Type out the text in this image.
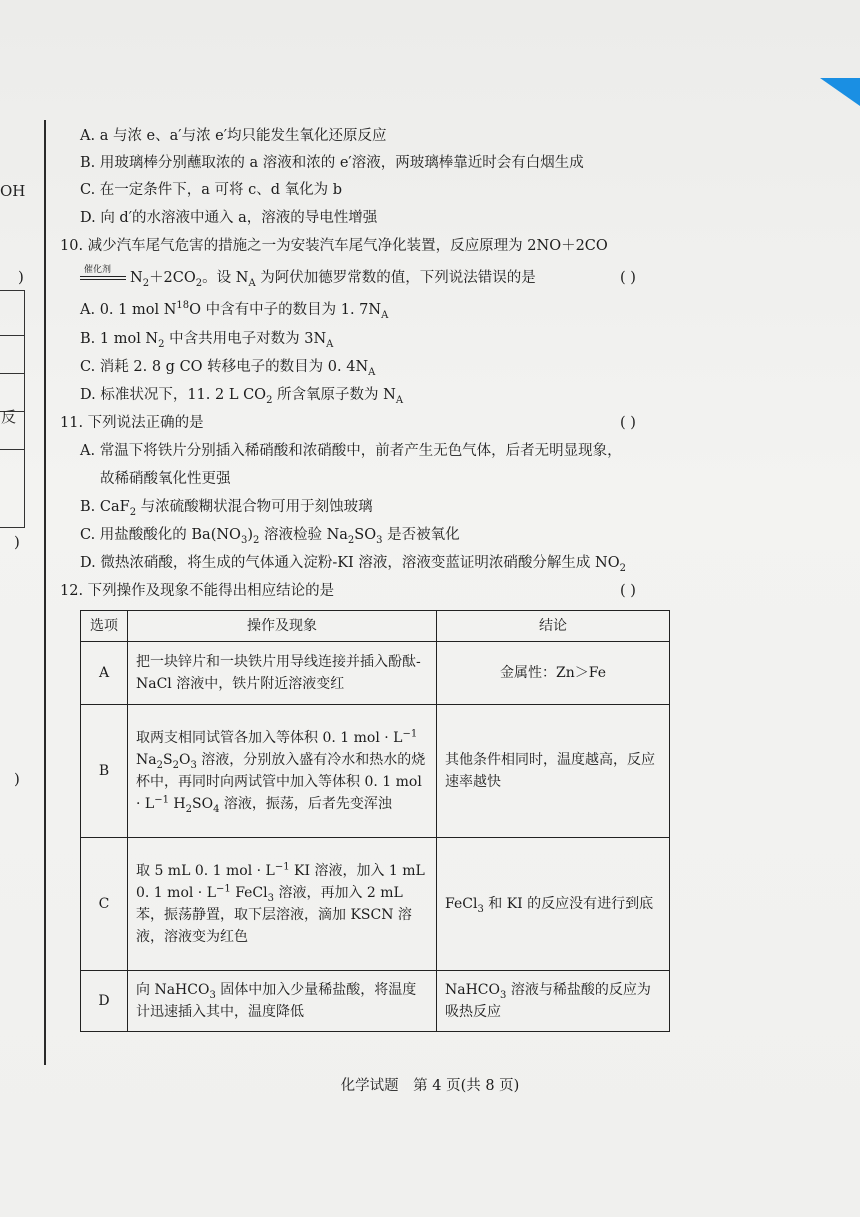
OH
)
反
)
)
A. a 与浓 e、a′与浓 e′均只能发生氧化还原反应
B. 用玻璃棒分别蘸取浓的 a 溶液和浓的 e′溶液，两玻璃棒靠近时会有白烟生成
C. 在一定条件下，a 可将 c、d 氧化为 b
D. 向 d′的水溶液中通入 a，溶液的导电性增强
10. 减少汽车尾气危害的措施之一为安装汽车尾气净化装置，反应原理为 2NO＋2CO
催化剂 $N_2+2CO_2$。设 $N_A$ 为阿伏加德罗常数的值，下列说法错误的是	( )
A. 0. 1 mol $N^{18}O$ 中含有中子的数目为 1. $7N_A$
B. 1 mol $N_2$ 中含共用电子对数为 $3N_A$
C. 消耗 2. 8 g CO 转移电子的数目为 0. $4N_A$
D. 标准状况下，11. 2 L $CO_2$ 所含氧原子数为 $N_A$
11. 下列说法正确的是	( )
A. 常温下将铁片分别插入稀硝酸和浓硝酸中，前者产生无色气体，后者无明显现象，
故稀硝酸氧化性更强
B. CaF$_2$ 与浓硫酸糊状混合物可用于刻蚀玻璃
C. 用盐酸酸化的 $Ba(NO_3)_2$ 溶液检验 $Na_2SO_3$ 是否被氧化
D. 微热浓硝酸，将生成的气体通入淀粉-KI 溶液，溶液变蓝证明浓硝酸分解生成 $NO_2$
12. 下列操作及现象不能得出相应结论的是	( )
选项	操作及现象	结论
A	把一块锌片和一块铁片用导线连接并插入酚酞-NaCl 溶液中，铁片附近溶液变红	金属性：Zn＞Fe
B	取两支相同试管各加入等体积 0. 1 mol · $L^{-1}$ $Na_2S_2O_3$ 溶液，分别放入盛有冷水和热水的烧杯中，再同时向两试管中加入等体积 0. 1 mol · $L^{-1}$ $H_2SO_4$ 溶液，振荡，后者先变浑浊	其他条件相同时，温度越高，反应速率越快
C	取 5 mL 0. 1 mol · $L^{-1}$ KI 溶液，加入 1 mL 0. 1 mol · $L^{-1}$ FeCl$_3$ 溶液，再加入 2 mL 苯，振荡静置，取下层溶液，滴加 KSCN 溶液，溶液变为红色	FeCl$_3$ 和 KI 的反应没有进行到底
D	向 NaHCO$_3$ 固体中加入少量稀盐酸，将温度计迅速插入其中，温度降低	NaHCO$_3$ 溶液与稀盐酸的反应为吸热反应
化学试题　第 4 页(共 8 页)
